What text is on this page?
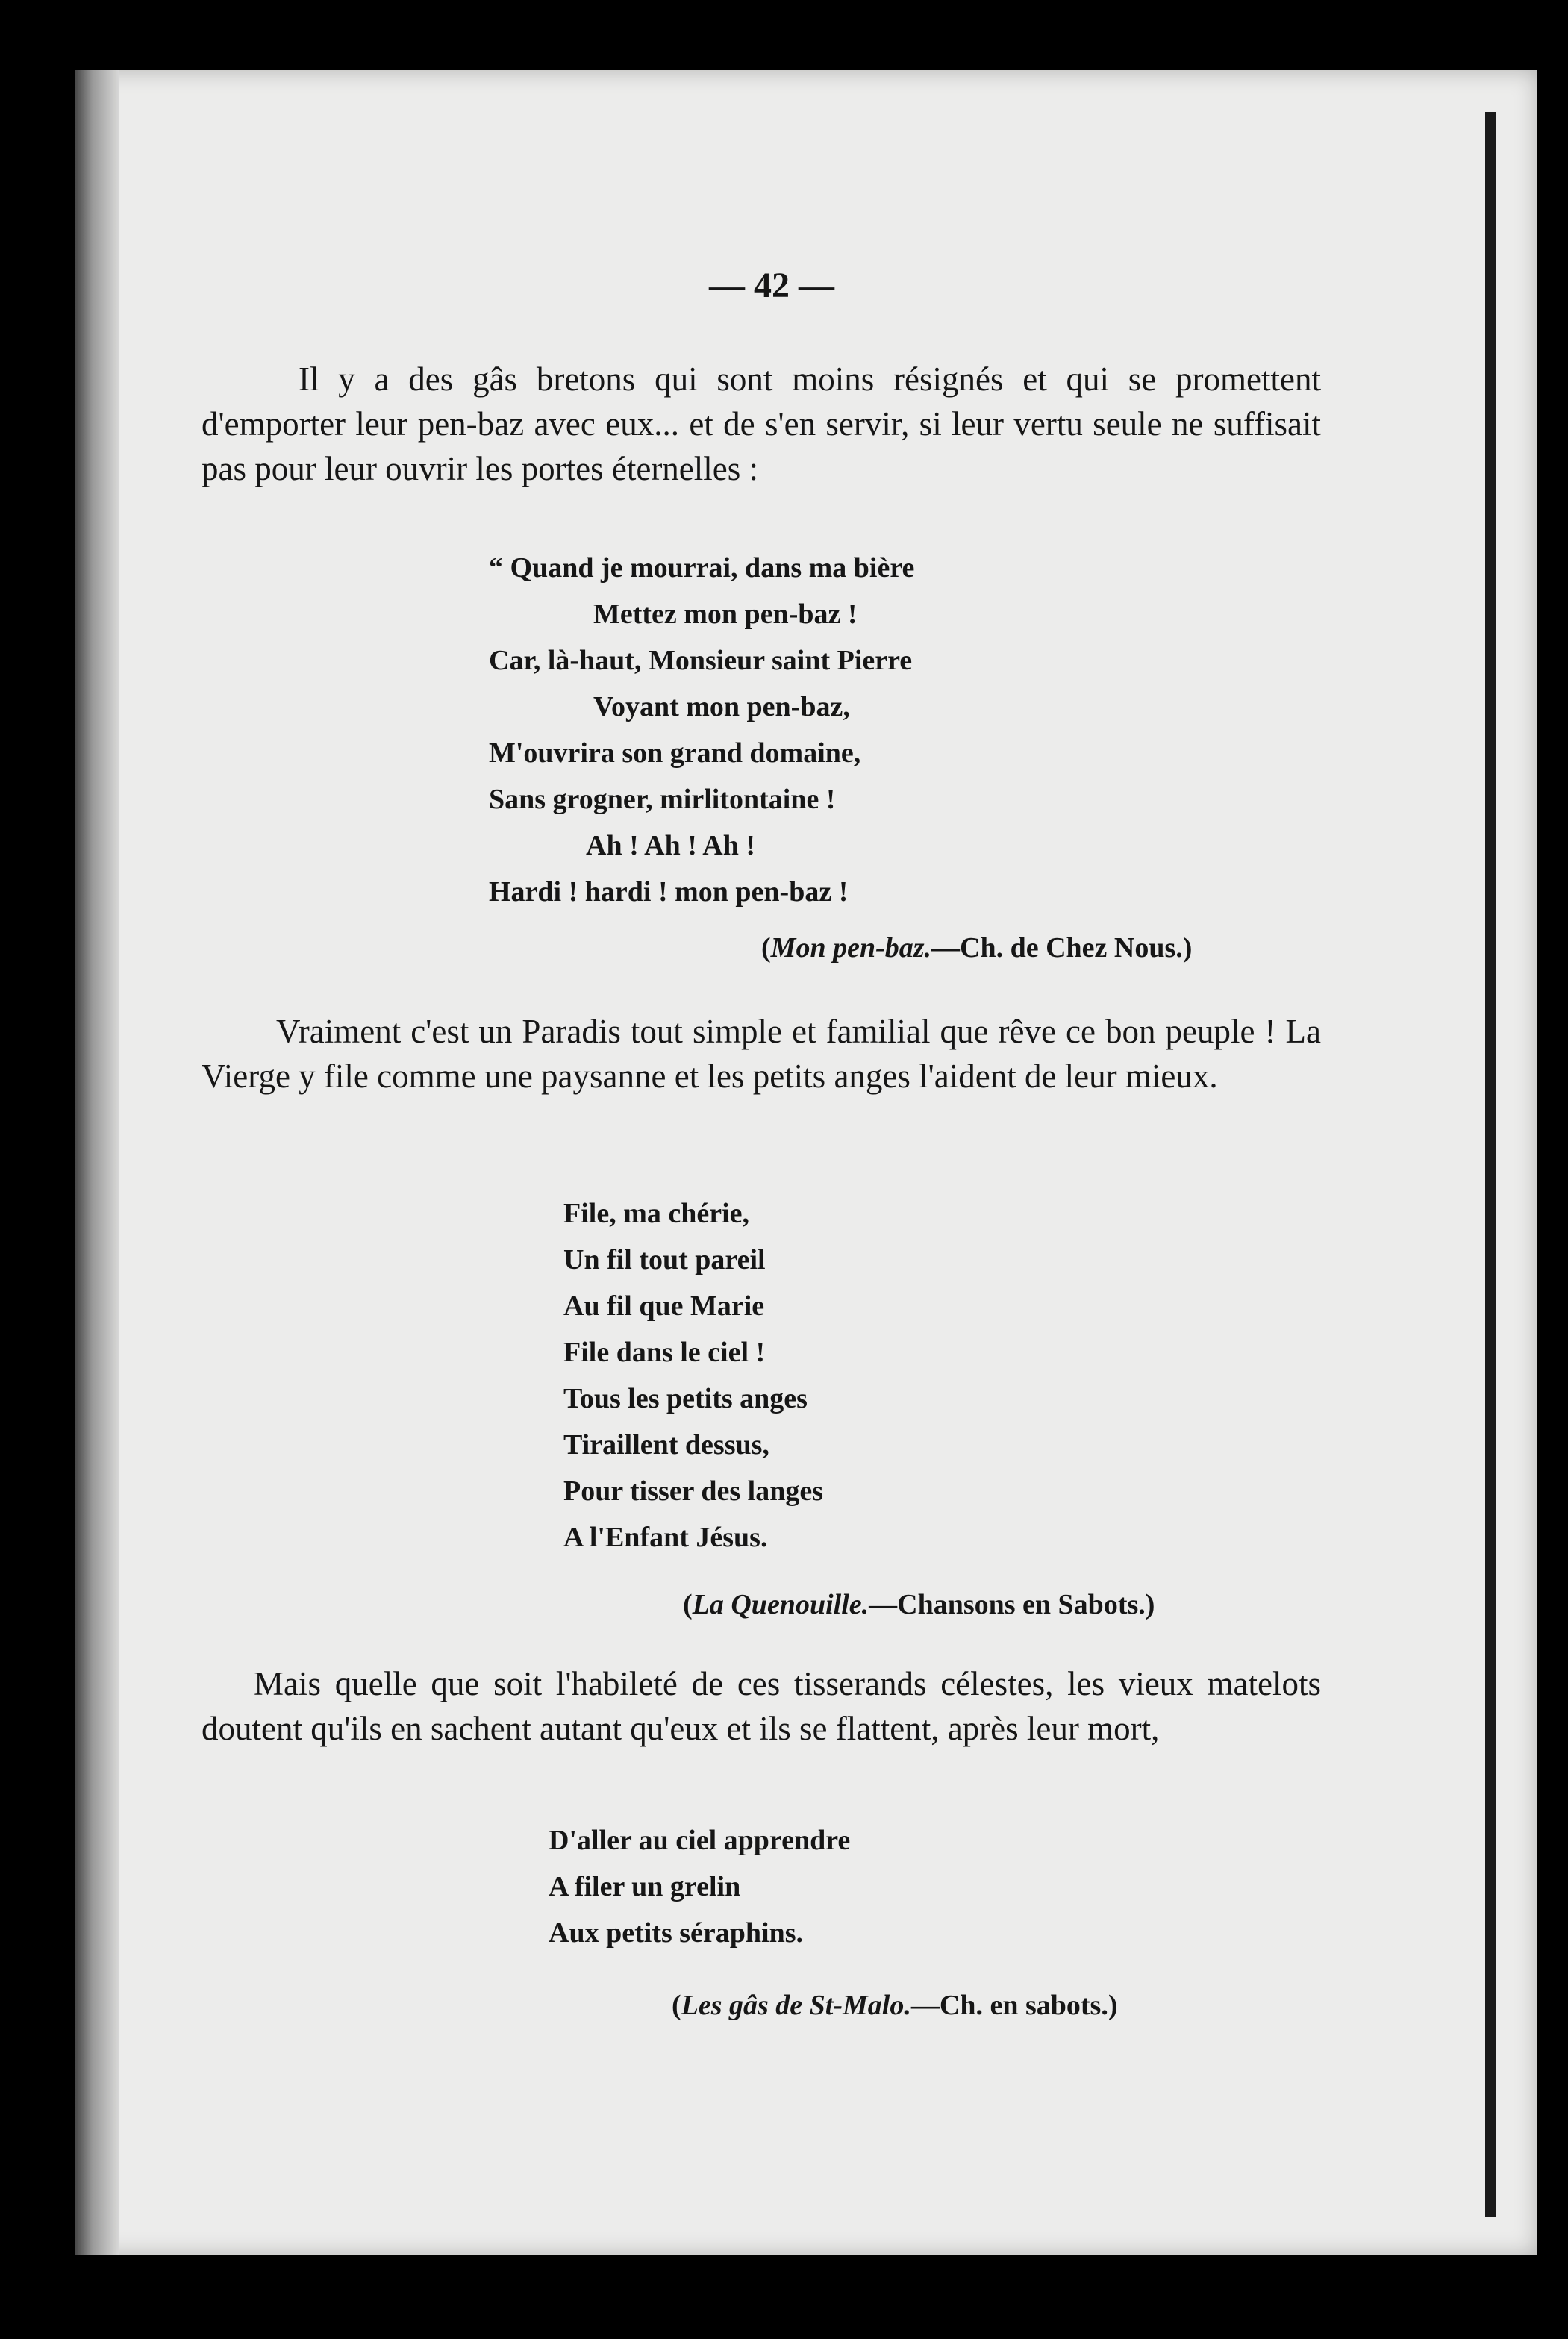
— 42 —
Il y a des gâs bretons qui sont moins résignés et qui se promettent d'emporter leur pen-baz avec eux... et de s'en servir, si leur vertu seule ne suffisait pas pour leur ouvrir les portes éternelles :
“ Quand je mourrai, dans ma bière
Mettez mon pen-baz !
Car, là-haut, Monsieur saint Pierre
Voyant mon pen-baz,
M'ouvrira son grand domaine,
Sans grogner, mirlitontaine !
Ah ! Ah ! Ah !
Hardi ! hardi ! mon pen-baz !
(Mon pen-baz.—Ch. de Chez Nous.)
Vraiment c'est un Paradis tout simple et familial que rêve ce bon peuple ! La Vierge y file comme une paysanne et les petits anges l'aident de leur mieux.
File, ma chérie,
Un fil tout pareil
Au fil que Marie
File dans le ciel !
Tous les petits anges
Tiraillent dessus,
Pour tisser des langes
A l'Enfant Jésus.
(La Quenouille.—Chansons en Sabots.)
Mais quelle que soit l'habileté de ces tisserands célestes, les vieux matelots doutent qu'ils en sachent autant qu'eux et ils se flattent, après leur mort,
D'aller au ciel apprendre
A filer un grelin
Aux petits séraphins.
(Les gâs de St-Malo.—Ch. en sabots.)
